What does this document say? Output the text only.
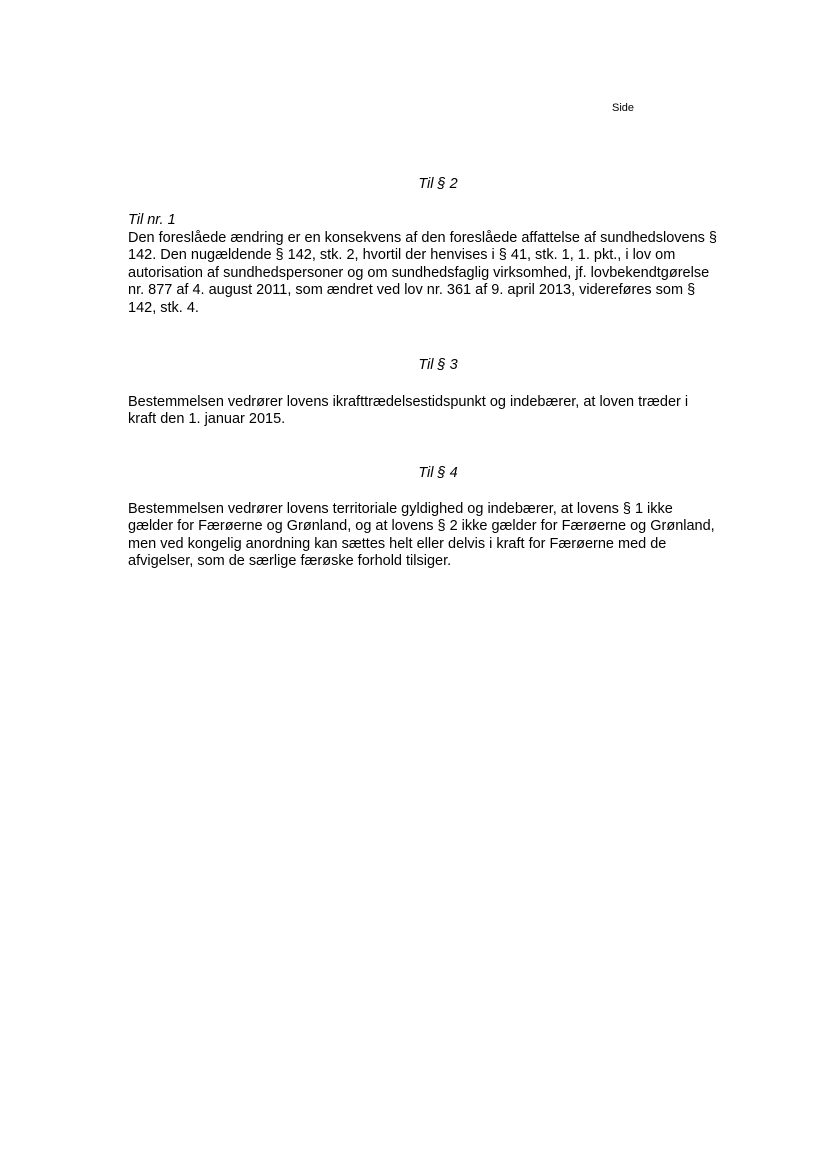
Side
Til § 2
Til nr. 1
Den foreslåede ændring er en konsekvens af den foreslåede affattelse af sundhedslovens §
142. Den nugældende § 142, stk. 2, hvortil der henvises i § 41, stk. 1, 1. pkt., i lov om
autorisation af sundhedspersoner og om sundhedsfaglig virksomhed, jf. lovbekendtgørelse
nr. 877 af 4. august 2011, som ændret ved lov nr. 361 af 9. april 2013, videreføres som §
142, stk. 4.
Til § 3
Bestemmelsen vedrører lovens ikrafttrædelsestidspunkt og indebærer, at loven træder i
kraft den 1. januar 2015.
Til § 4
Bestemmelsen vedrører lovens territoriale gyldighed og indebærer, at lovens § 1 ikke
gælder for Færøerne og Grønland, og at lovens § 2 ikke gælder for Færøerne og Grønland,
men ved kongelig anordning kan sættes helt eller delvis i kraft for Færøerne med de
afvigelser, som de særlige færøske forhold tilsiger.
